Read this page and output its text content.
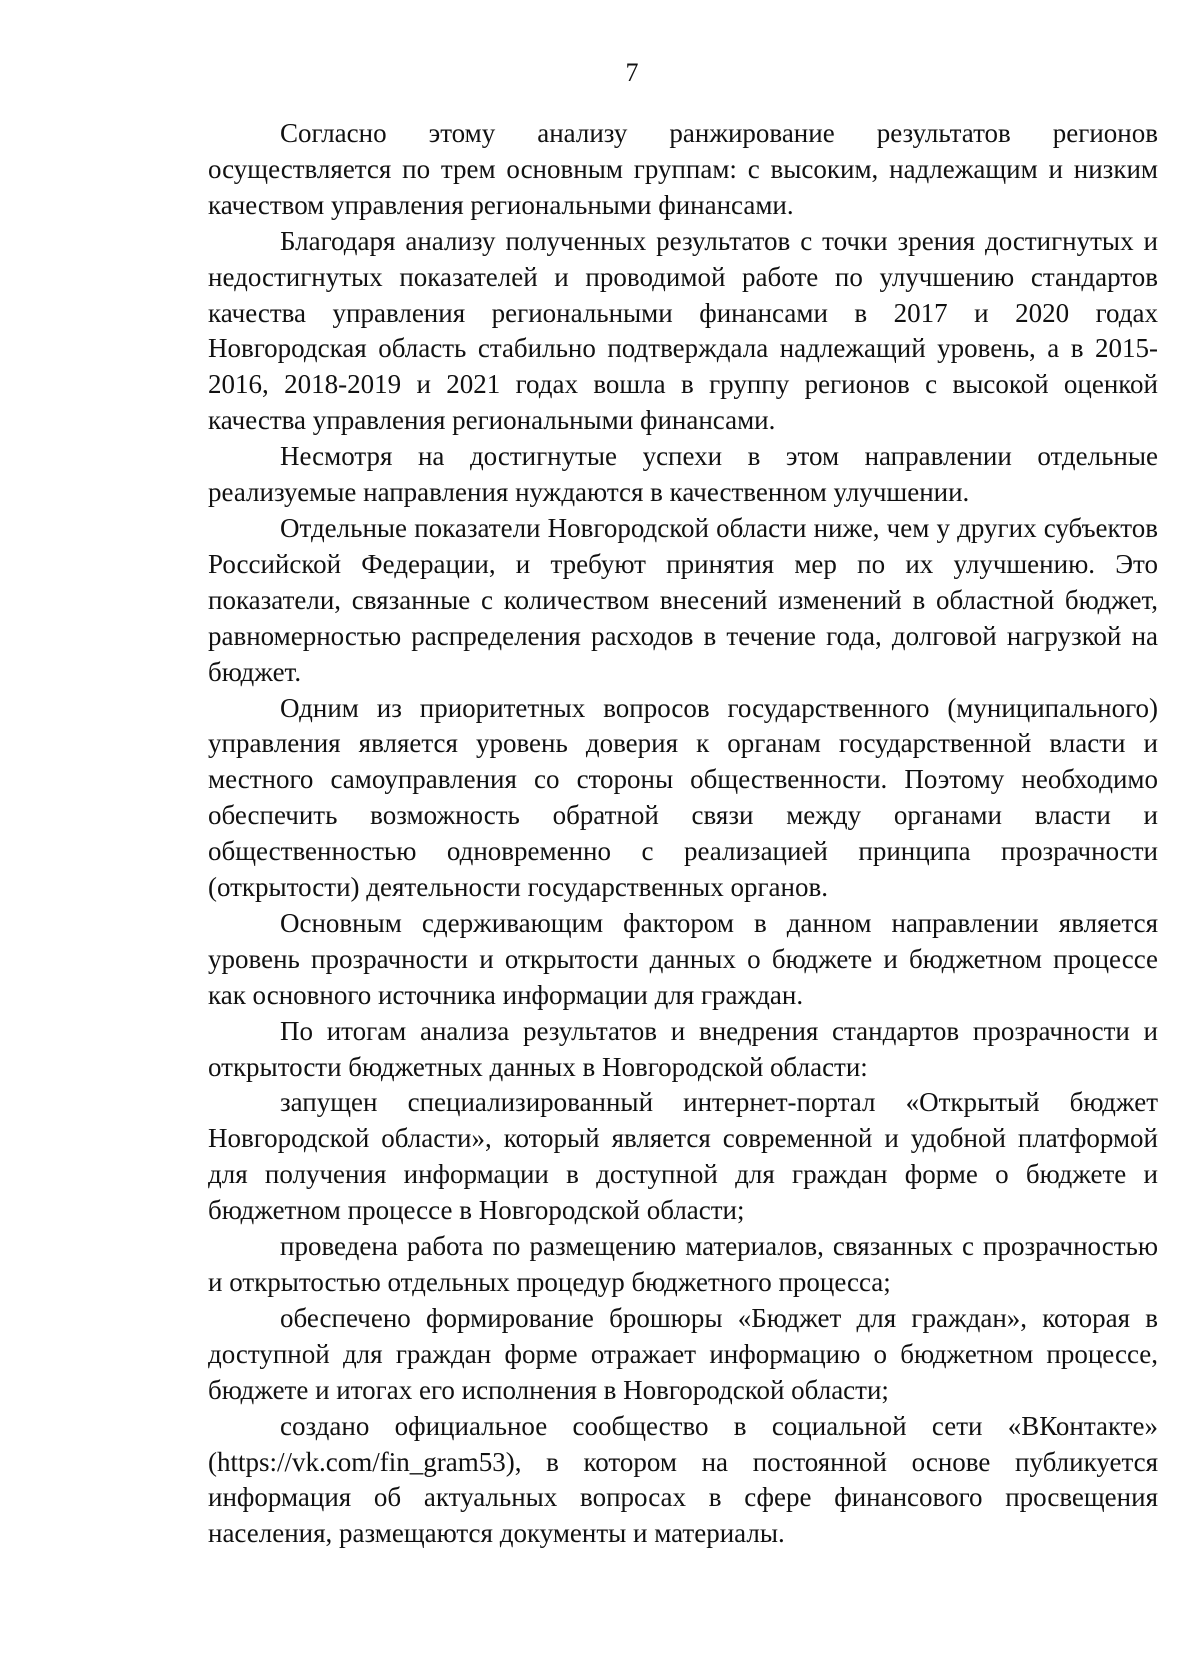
7

Согласно этому анализу ранжирование результатов регионов осуществляется по трем основным группам: с высоким, надлежащим и низким качеством управления региональными финансами.

Благодаря анализу полученных результатов с точки зрения достигнутых и недостигнутых показателей и проводимой работе по улучшению стандартов качества управления региональными финансами в 2017 и 2020 годах Новгородская область стабильно подтверждала надлежащий уровень, а в 2015-2016, 2018-2019 и 2021 годах вошла в группу регионов с высокой оценкой качества управления региональными финансами.

Несмотря на достигнутые успехи в этом направлении отдельные реализуемые направления нуждаются в качественном улучшении.

Отдельные показатели Новгородской области ниже, чем у других субъектов Российской Федерации, и требуют принятия мер по их улучшению. Это показатели, связанные с количеством внесений изменений в областной бюджет, равномерностью распределения расходов в течение года, долговой нагрузкой на бюджет.

Одним из приоритетных вопросов государственного (муниципального) управления является уровень доверия к органам государственной власти и местного самоуправления со стороны общественности. Поэтому необходимо обеспечить возможность обратной связи между органами власти и общественностью одновременно с реализацией принципа прозрачности (открытости) деятельности государственных органов.

Основным сдерживающим фактором в данном направлении является уровень прозрачности и открытости данных о бюджете и бюджетном процессе как основного источника информации для граждан.

По итогам анализа результатов и внедрения стандартов прозрачности и открытости бюджетных данных в Новгородской области:

запущен специализированный интернет-портал «Открытый бюджет Новгородской области», который является современной и удобной платформой для получения информации в доступной для граждан форме о бюджете и бюджетном процессе в Новгородской области;

проведена работа по размещению материалов, связанных с прозрачностью и открытостью отдельных процедур бюджетного процесса;

обеспечено формирование брошюры «Бюджет для граждан», которая в доступной для граждан форме отражает информацию о бюджетном процессе, бюджете и итогах его исполнения в Новгородской области;

создано официальное сообщество в социальной сети «ВКонтакте» (https://vk.com/fin_gram53), в котором на постоянной основе публикуется информация об актуальных вопросах в сфере финансового просвещения населения, размещаются документы и материалы.
